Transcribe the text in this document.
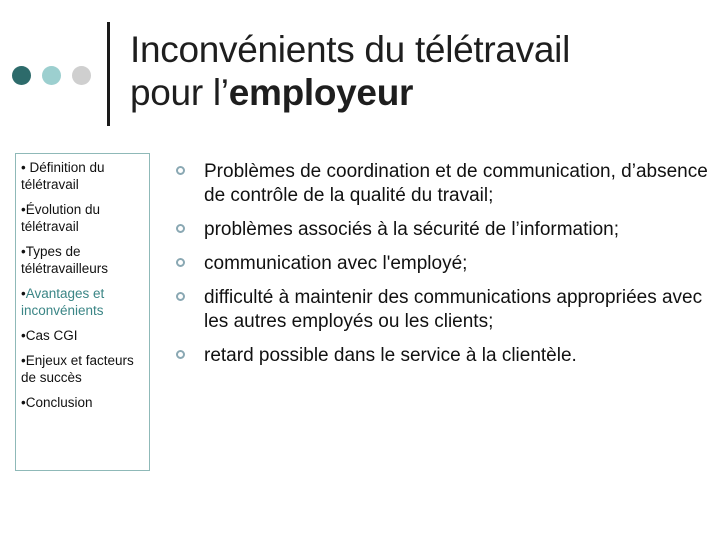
Inconvénients du télétravail
pour l’employeur
• Définition du télétravail
•Évolution du télétravail
•Types de télétravailleurs
•Avantages et inconvénients
•Cas CGI
•Enjeux et facteurs de succès
•Conclusion
Problèmes de coordination et de communication, d’absence de contrôle de la qualité du travail;
problèmes associés à la sécurité de l’information;
communication avec l'employé;
difficulté à maintenir des communications appropriées avec les autres employés ou les clients;
retard possible dans le service à la clientèle.
